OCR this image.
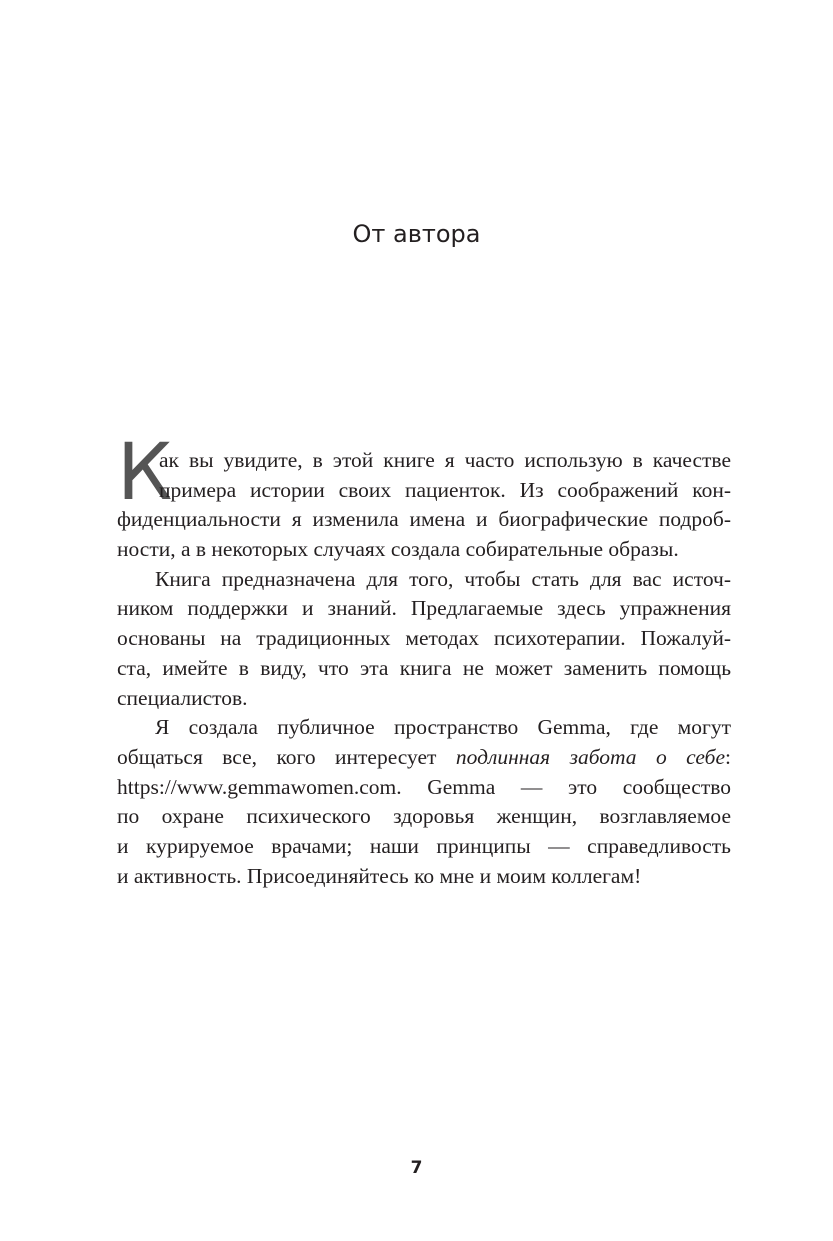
От автора
К
ак вы увидите, в этой книге я часто использую в качестве
примера истории своих пациенток. Из соображений кон-
фиденциальности я изменила имена и биографические подроб-
ности, а в некоторых случаях создала собирательные образы.
Книга предназначена для того, чтобы стать для вас источ-
ником поддержки и знаний. Предлагаемые здесь упражнения
основаны на традиционных методах психотерапии. Пожалуй-
ста, имейте в виду, что эта книга не может заменить помощь
специалистов.
Я создала публичное пространство Gemma, где могут
общаться все, кого интересует подлинная забота о себе:
https://www.gemmawomen.com. Gemma — это сообщество
по охране психического здоровья женщин, возглавляемое
и курируемое врачами; наши принципы — справедливость
и активность. Присоединяйтесь ко мне и моим коллегам!
7
